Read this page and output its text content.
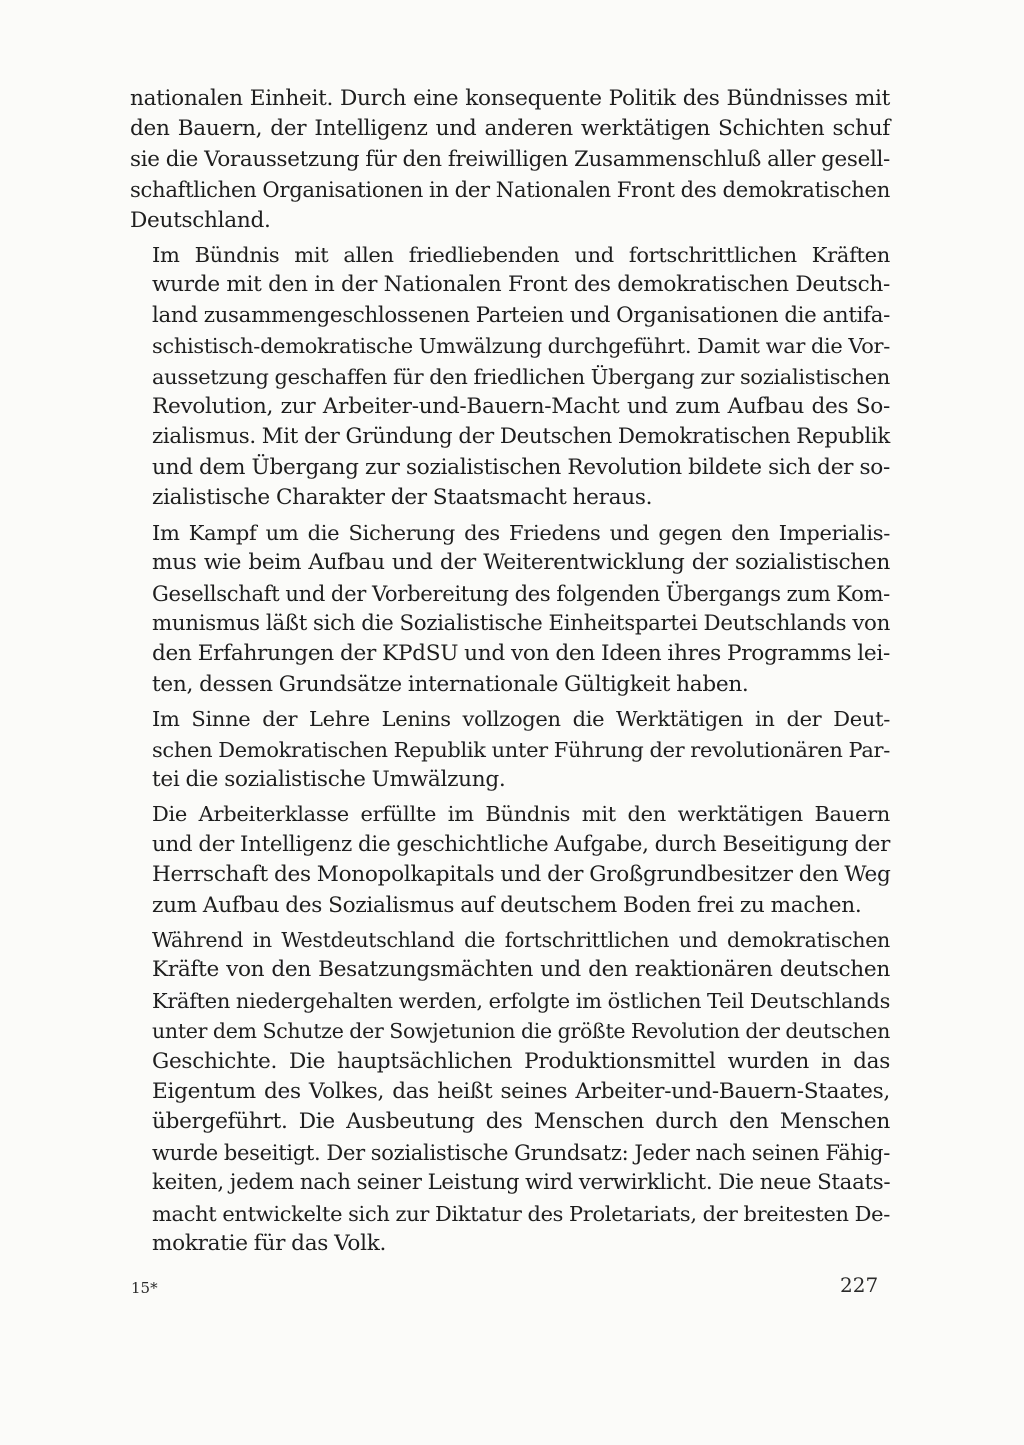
nationalen Einheit. Durch eine konsequente Politik des Bündnisses mit
den Bauern, der Intelligenz und anderen werktätigen Schichten schuf
sie die Voraussetzung für den freiwilligen Zusammenschluß aller gesell-
schaftlichen Organisationen in der Nationalen Front des demokratischen
Deutschland.

Im Bündnis mit allen friedliebenden und fortschrittlichen Kräften
wurde mit den in der Nationalen Front des demokratischen Deutsch-
land zusammengeschlossenen Parteien und Organisationen die antifa-
schistisch-demokratische Umwälzung durchgeführt. Damit war die Vor-
aussetzung geschaffen für den friedlichen Übergang zur sozialistischen
Revolution, zur Arbeiter-und-Bauern-Macht und zum Aufbau des So-
zialismus. Mit der Gründung der Deutschen Demokratischen Republik
und dem Übergang zur sozialistischen Revolution bildete sich der so-
zialistische Charakter der Staatsmacht heraus.

Im Kampf um die Sicherung des Friedens und gegen den Imperialis-
mus wie beim Aufbau und der Weiterentwicklung der sozialistischen
Gesellschaft und der Vorbereitung des folgenden Übergangs zum Kom-
munismus läßt sich die Sozialistische Einheitspartei Deutschlands von
den Erfahrungen der KPdSU und von den Ideen ihres Programms lei-
ten, dessen Grundsätze internationale Gültigkeit haben.

Im Sinne der Lehre Lenins vollzogen die Werktätigen in der Deut-
schen Demokratischen Republik unter Führung der revolutionären Par-
tei die sozialistische Umwälzung.

Die Arbeiterklasse erfüllte im Bündnis mit den werktätigen Bauern
und der Intelligenz die geschichtliche Aufgabe, durch Beseitigung der
Herrschaft des Monopolkapitals und der Großgrundbesitzer den Weg
zum Aufbau des Sozialismus auf deutschem Boden frei zu machen.

Während in Westdeutschland die fortschrittlichen und demokratischen
Kräfte von den Besatzungsmächten und den reaktionären deutschen
Kräften niedergehalten werden, erfolgte im östlichen Teil Deutschlands
unter dem Schutze der Sowjetunion die größte Revolution der deutschen
Geschichte. Die hauptsächlichen Produktionsmittel wurden in das
Eigentum des Volkes, das heißt seines Arbeiter-und-Bauern-Staates,
übergeführt. Die Ausbeutung des Menschen durch den Menschen
wurde beseitigt. Der sozialistische Grundsatz: Jeder nach seinen Fähig-
keiten, jedem nach seiner Leistung wird verwirklicht. Die neue Staats-
macht entwickelte sich zur Diktatur des Proletariats, der breitesten De-
mokratie für das Volk.

15*	227
